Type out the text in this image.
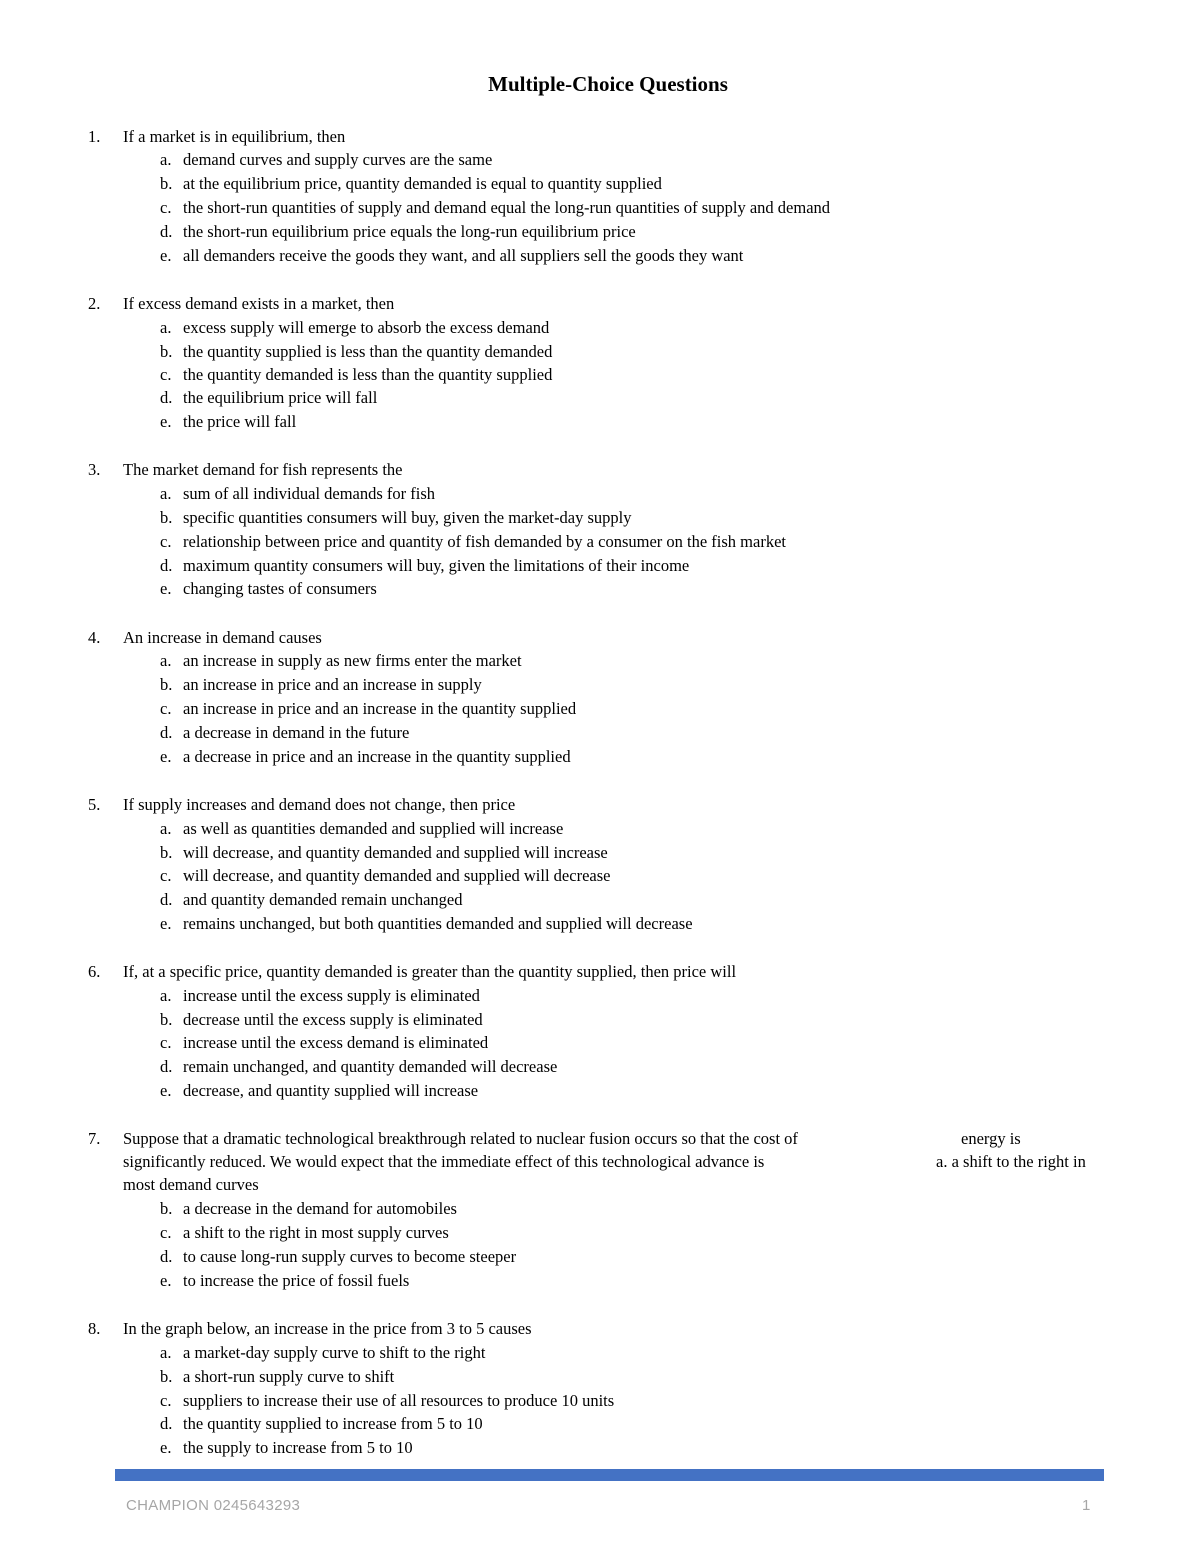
Multiple-Choice Questions
1. If a market is in equilibrium, then
a. demand curves and supply curves are the same
b. at the equilibrium price, quantity demanded is equal to quantity supplied
c. the short-run quantities of supply and demand equal the long-run quantities of supply and demand
d. the short-run equilibrium price equals the long-run equilibrium price
e. all demanders receive the goods they want, and all suppliers sell the goods they want
2. If excess demand exists in a market, then
a. excess supply will emerge to absorb the excess demand
b. the quantity supplied is less than the quantity demanded
c. the quantity demanded is less than the quantity supplied
d. the equilibrium price will fall
e. the price will fall
3. The market demand for fish represents the
a. sum of all individual demands for fish
b. specific quantities consumers will buy, given the market-day supply
c. relationship between price and quantity of fish demanded by a consumer on the fish market
d. maximum quantity consumers will buy, given the limitations of their income
e. changing tastes of consumers
4. An increase in demand causes
a. an increase in supply as new firms enter the market
b. an increase in price and an increase in supply
c. an increase in price and an increase in the quantity supplied
d. a decrease in demand in the future
e. a decrease in price and an increase in the quantity supplied
5. If supply increases and demand does not change, then price
a. as well as quantities demanded and supplied will increase
b. will decrease, and quantity demanded and supplied will increase
c. will decrease, and quantity demanded and supplied will decrease
d. and quantity demanded remain unchanged
e. remains unchanged, but both quantities demanded and supplied will decrease
6. If, at a specific price, quantity demanded is greater than the quantity supplied, then price will
a. increase until the excess supply is eliminated
b. decrease until the excess supply is eliminated
c. increase until the excess demand is eliminated
d. remain unchanged, and quantity demanded will decrease
e. decrease, and quantity supplied will increase
7. Suppose that a dramatic technological breakthrough related to nuclear fusion occurs so that the cost of	energy is
significantly reduced. We would expect that the immediate effect of this technological advance is	a. a shift to the right in
most demand curves
b. a decrease in the demand for automobiles
c. a shift to the right in most supply curves
d. to cause long-run supply curves to become steeper
e. to increase the price of fossil fuels
8. In the graph below, an increase in the price from 3 to 5 causes
a. a market-day supply curve to shift to the right
b. a short-run supply curve to shift
c. suppliers to increase their use of all resources to produce 10 units
d. the quantity supplied to increase from 5 to 10
e. the supply to increase from 5 to 10
CHAMPION 0245643293	1
